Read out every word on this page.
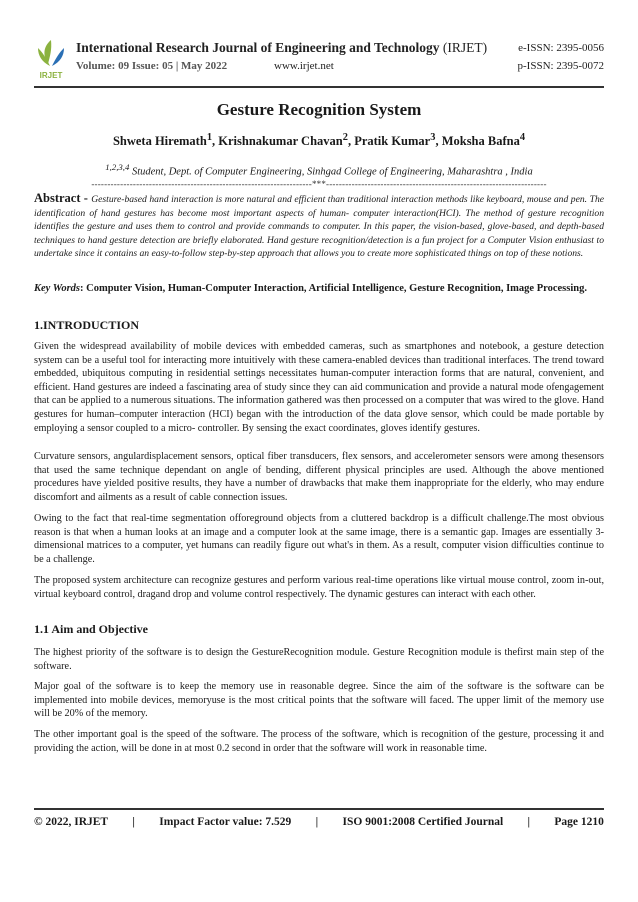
IRJET
International Research Journal of Engineering and Technology (IRJET)	e-ISSN: 2395-0056
Volume: 09 Issue: 05 | May 2022	www.irjet.net	p-ISSN: 2395-0072
Gesture Recognition System
Shweta Hiremath$^1$, Krishnakumar Chavan$^2$, Pratik Kumar$^3$, Moksha Bafna$^4$
$^{1,2,3,4}$ Student, Dept. of Computer Engineering, Sinhgad College of Engineering, Maharashtra , India
---------------------------------------------------------------------***---------------------------------------------------------------------
Abstract - Gesture-based hand interaction is more natural and efficient than traditional interaction methods like keyboard, mouse and pen. The identification of hand gestures has become most important aspects of human- computer interaction(HCI). The method of gesture recognition identifies the gesture and uses them to control and provide commands to computer. In this paper, the vision-based, glove-based, and depth-based techniques to hand gesture detection are briefly elaborated. Hand gesture recognition/detection is a fun project for a Computer Vision enthusiast to undertake since it contains an easy-to-follow step-by-step approach that allows you to create more sophisticated things on top of these notions.
Key Words: Computer Vision, Human-Computer Interaction, Artificial Intelligence, Gesture Recognition, Image Processing.
1.INTRODUCTION
Given the widespread availability of mobile devices with embedded cameras, such as smartphones and notebook, a gesture detection system can be a useful tool for interacting more intuitively with these camera-enabled devices than traditional interfaces. The trend toward embedded, ubiquitous computing in residential settings necessitates human-computer interaction forms that are natural, convenient, and efficient. Hand gestures are indeed a fascinating area of study since they can aid communication and provide a natural mode ofengagement that can be applied to a numerous situations. The information gathered was then processed on a computer that was wired to the glove. Hand gestures for human–computer interaction (HCI) began with the introduction of the data glove sensor, which could be made portable by employing a sensor coupled to a micro- controller. By sensing the exact coordinates, gloves identify gestures.
Curvature sensors, angulardisplacement sensors, optical fiber transducers, flex sensors, and accelerometer sensors were among thesensors that used the same technique dependant on angle of bending, different physical principles are used. Although the above mentioned procedures have yielded positive results, they have a number of drawbacks that make them inappropriate for the elderly, who may endure discomfort and ailments as a result of cable connection issues.
Owing to the fact that real-time segmentation offoreground objects from a cluttered backdrop is a difficult challenge.The most obvious reason is that when a human looks at an image and a computer look at the same image, there is a semantic gap. Images are essentially 3- dimensional matrices to a computer, yet humans can readily figure out what's in them. As a result, computer vision difficulties continue to be a challenge.
The proposed system architecture can recognize gestures and perform various real-time operations like virtual mouse control, zoom in-out, virtual keyboard control, dragand drop and volume control respectively. The dynamic gestures can interact with each other.
1.1 Aim and Objective
The highest priority of the software is to design the GestureRecognition module. Gesture Recognition module is thefirst main step of the software.
Major goal of the software is to keep the memory use in reasonable degree. Since the aim of the software is the software can be implemented into mobile devices, memoryuse is the most critical points that the software will faced. The upper limit of the memory use will be 20% of the memory.
The other important goal is the speed of the software. The process of the software, which is recognition of the gesture, processing it and providing the action, will be done in at most 0.2 second in order that the software will work in reasonable time.
© 2022, IRJET | Impact Factor value: 7.529 | ISO 9001:2008 Certified Journal | Page 1210
